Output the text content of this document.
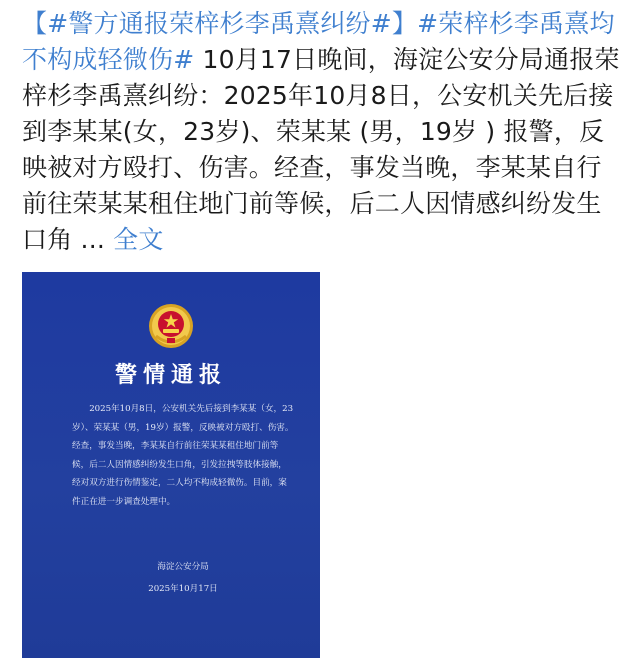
【#警方通报荣梓杉李禹熹纠纷#】#荣梓杉李禹熹均不构成轻微伤# 10月17日晚间，海淀公安分局通报荣梓杉李禹熹纠纷：2025年10月8日，公安机关先后接到李某某(女，23岁)、荣某某 (男，19岁 ) 报警，反映被对方殴打、伤害。经查，事发当晚，李某某自行前往荣某某租住地门前等候，后二人因情感纠纷发生口角 ... 全文
警情通报
2025年10月8日，公安机关先后接到李某某（女，23岁）、荣某某（男，19岁）报警，反映被对方殴打、伤害。经查，事发当晚，李某某自行前往荣某某租住地门前等候，后二人因情感纠纷发生口角，引发拉拽等肢体接触，经对双方进行伤情鉴定，二人均不构成轻微伤。目前，案件正在进一步调查处理中。
海淀公安分局
2025年10月17日
